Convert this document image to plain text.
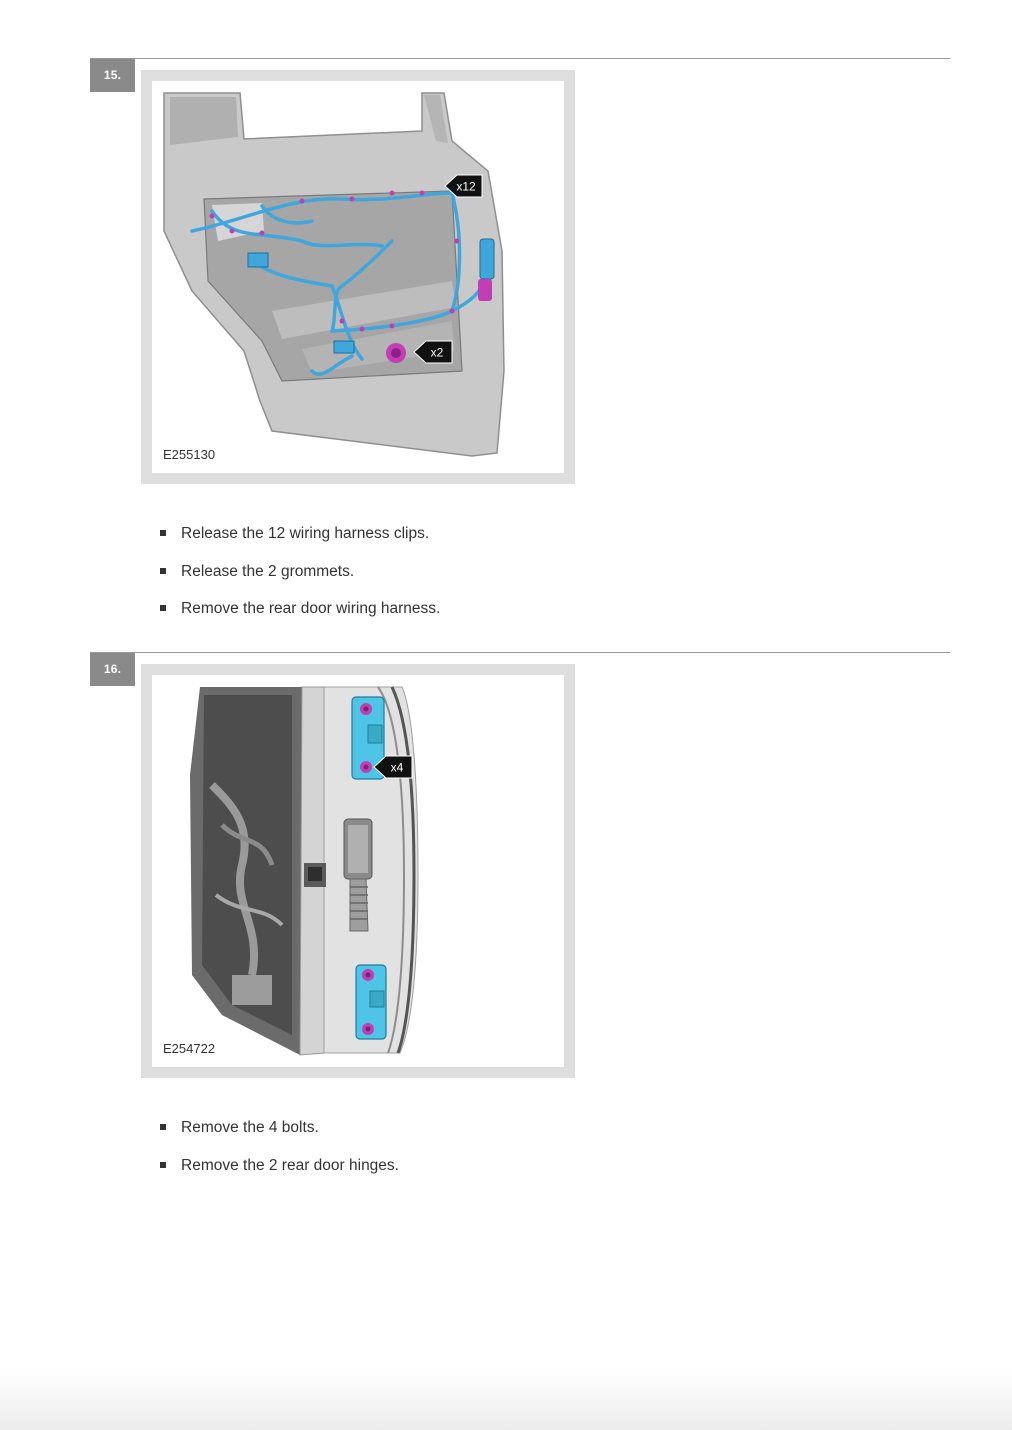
15.
x12
x2
E255130
Release the 12 wiring harness clips.
Release the 2 grommets.
Remove the rear door wiring harness.
16.
x4
E254722
Remove the 4 bolts.
Remove the 2 rear door hinges.
